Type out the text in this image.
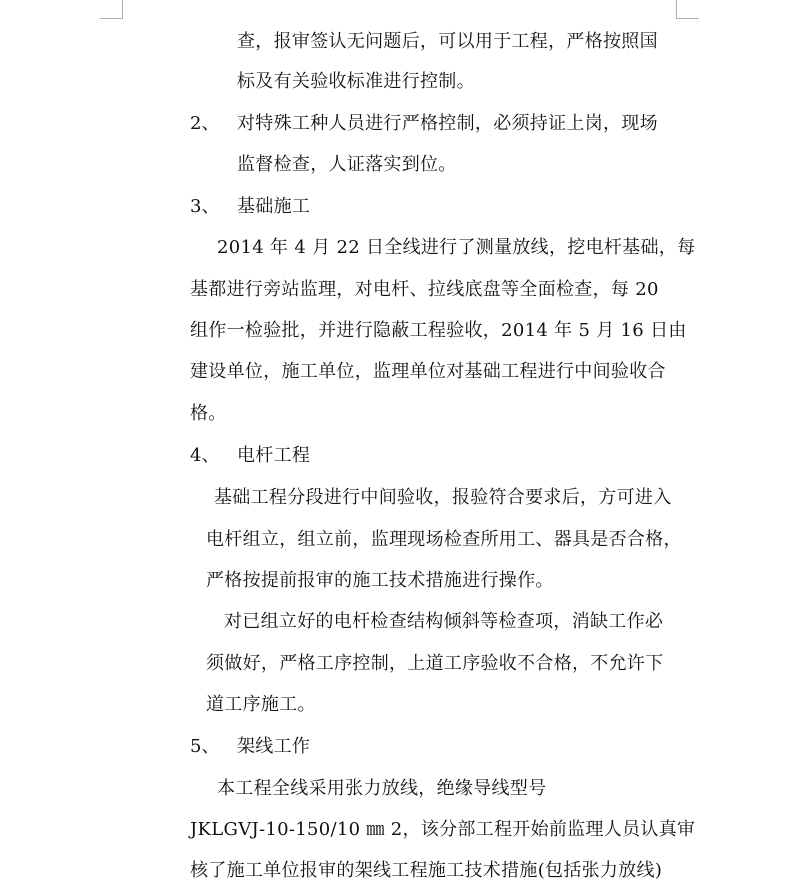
查，报审签认无问题后，可以用于工程，严格按照国
标及有关验收标准进行控制。
2、 对特殊工种人员进行严格控制，必须持证上岗，现场
监督检查，人证落实到位。
3、 基础施工
2014 年 4 月 22 日全线进行了测量放线，挖电杆基础，每
基都进行旁站监理，对电杆、拉线底盘等全面检查，每 20
组作一检验批，并进行隐蔽工程验收，2014 年 5 月 16 日由
建设单位，施工单位，监理单位对基础工程进行中间验收合
格。
4、 电杆工程
基础工程分段进行中间验收，报验符合要求后，方可进入
电杆组立，组立前，监理现场检查所用工、器具是否合格，
严格按提前报审的施工技术措施进行操作。
对已组立好的电杆检查结构倾斜等检查项，消缺工作必
须做好，严格工序控制，上道工序验收不合格，不允许下
道工序施工。
5、 架线工作
本工程全线采用张力放线，绝缘导线型号
JKLGVJ-10-150/10 ㎜ 2，该分部工程开始前监理人员认真审
核了施工单位报审的架线工程施工技术措施(包括张力放线)
